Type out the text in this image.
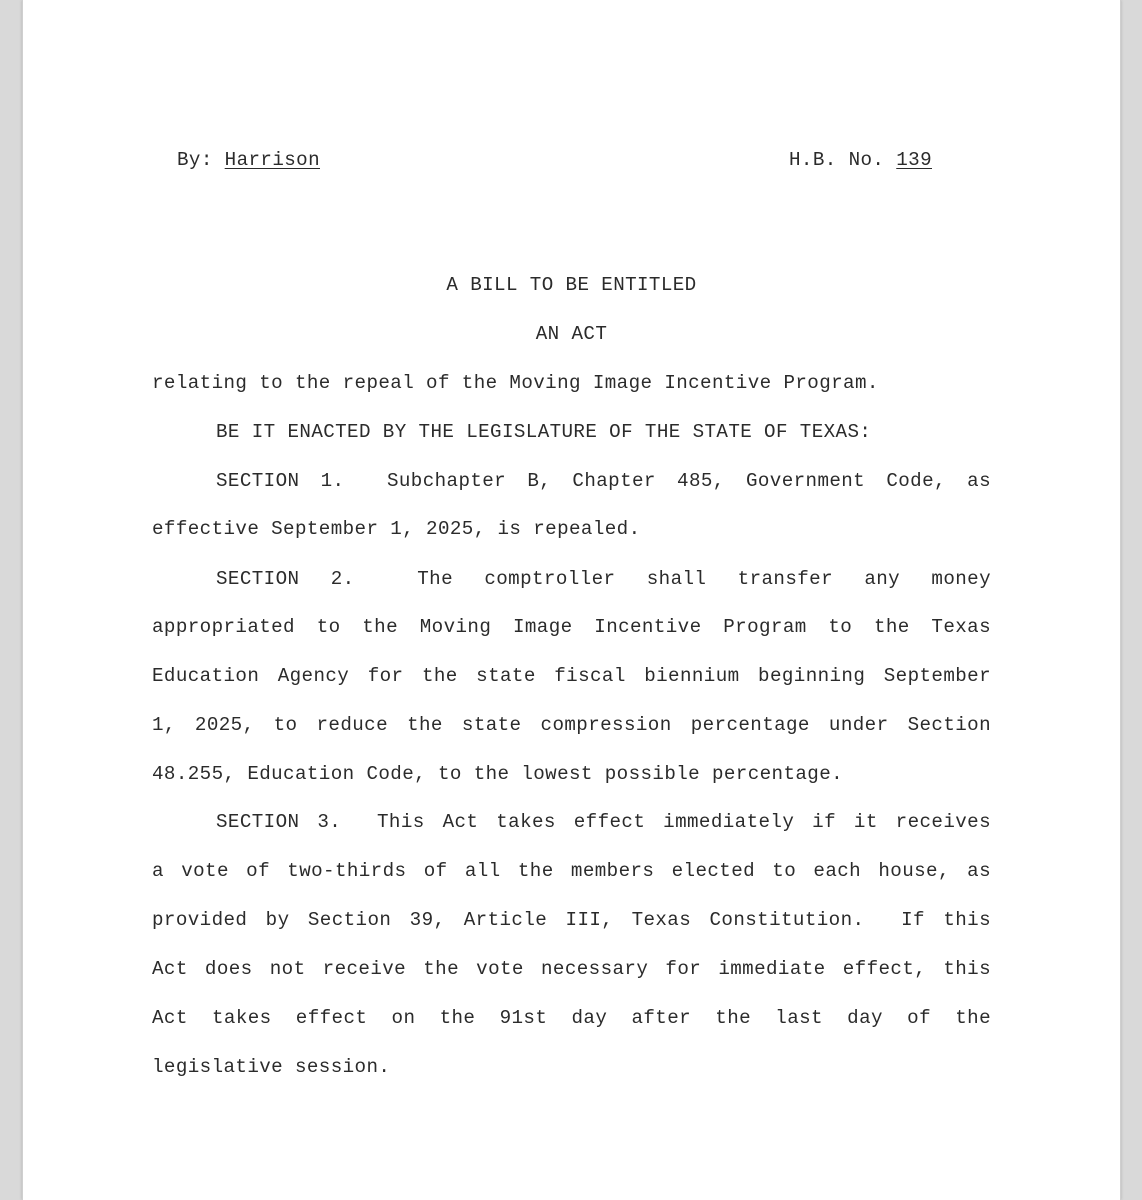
By: Harrison	H.B. No. 139
A BILL TO BE ENTITLED
AN ACT
relating to the repeal of the Moving Image Incentive Program.
BE IT ENACTED BY THE LEGISLATURE OF THE STATE OF TEXAS:
SECTION 1.  Subchapter B, Chapter 485, Government Code, as
effective September 1, 2025, is repealed.
SECTION 2.  The comptroller shall transfer any money
appropriated to the Moving Image Incentive Program to the Texas
Education Agency for the state fiscal biennium beginning September
1, 2025, to reduce the state compression percentage under Section
48.255, Education Code, to the lowest possible percentage.
SECTION 3.  This Act takes effect immediately if it receives
a vote of two-thirds of all the members elected to each house, as
provided by Section 39, Article III, Texas Constitution.  If this
Act does not receive the vote necessary for immediate effect, this
Act takes effect on the 91st day after the last day of the
legislative session.
